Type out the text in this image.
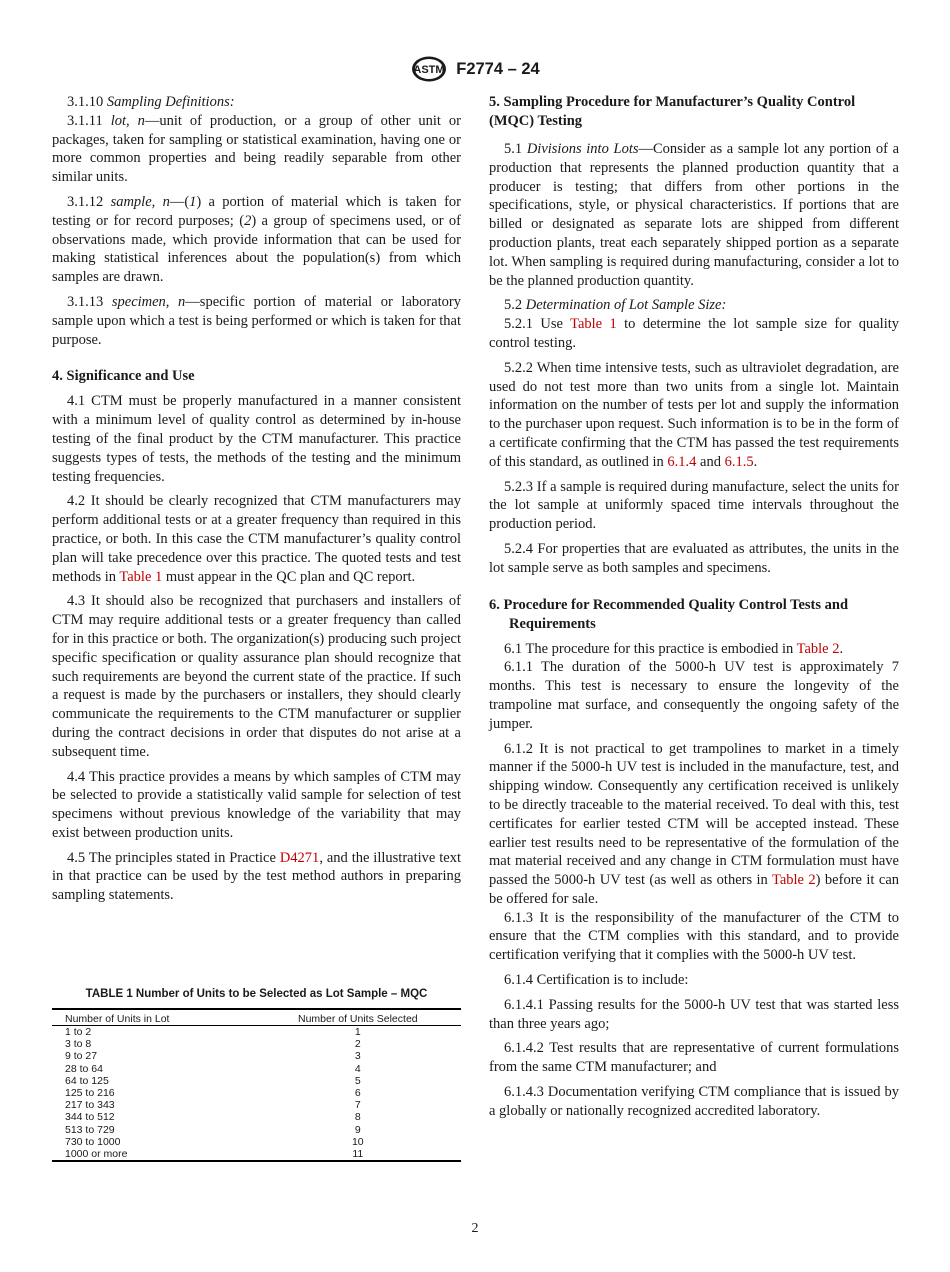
ASTM F2774 – 24

3.1.10 Sampling Definitions:

3.1.11 lot, n—unit of production, or a group of other unit or packages, taken for sampling or statistical examination, having one or more common properties and being readily separable from other similar units.

3.1.12 sample, n—(1) a portion of material which is taken for testing or for record purposes; (2) a group of specimens used, or of observations made, which provide information that can be used for making statistical inferences about the population(s) from which samples are drawn.

3.1.13 specimen, n—specific portion of material or laboratory sample upon which a test is being performed or which is taken for that purpose.

4. Significance and Use

4.1 CTM must be properly manufactured in a manner consistent with a minimum level of quality control as determined by in-house testing of the final product by the CTM manufacturer. This practice suggests types of tests, the methods of the testing and the minimum testing frequencies.

4.2 It should be clearly recognized that CTM manufacturers may perform additional tests or at a greater frequency than required in this practice, or both. In this case the CTM manufacturer’s quality control plan will take precedence over this practice. The quoted tests and test methods in Table 1 must appear in the QC plan and QC report.

4.3 It should also be recognized that purchasers and installers of CTM may require additional tests or a greater frequency than called for in this practice or both. The organization(s) producing such project specific specification or quality assurance plan should recognize that such requirements are beyond the current state of the practice. If such a request is made by the purchasers or installers, they should clearly communicate the requirements to the CTM manufacturer or supplier during the contract decisions in order that disputes do not arise at a subsequent time.

4.4 This practice provides a means by which samples of CTM may be selected to provide a statistically valid sample for selection of test specimens without previous knowledge of the variability that may exist between production units.

4.5 The principles stated in Practice D4271, and the illustrative text in that practice can be used by the test method authors in preparing sampling statements.

TABLE 1 Number of Units to be Selected as Lot Sample – MQC
Number of Units in Lot	Number of Units Selected
1 to 2	1
3 to 8	2
9 to 27	3
28 to 64	4
64 to 125	5
125 to 216	6
217 to 343	7
344 to 512	8
513 to 729	9
730 to 1000	10
1000 or more	11
5. Sampling Procedure for Manufacturer’s Quality Control (MQC) Testing

5.1 Divisions into Lots—Consider as a sample lot any portion of a production that represents the planned production quantity that a producer is testing; that differs from other portions in the specifications, style, or physical characteristics. If portions that are billed or designated as separate lots are shipped from different production plants, treat each separately shipped portion as a separate lot. When sampling is required during manufacturing, consider a lot to be the planned production quantity.

5.2 Determination of Lot Sample Size:

5.2.1 Use Table 1 to determine the lot sample size for quality control testing.

5.2.2 When time intensive tests, such as ultraviolet degradation, are used do not test more than two units from a single lot. Maintain information on the number of tests per lot and supply the information to the purchaser upon request. Such information is to be in the form of a certificate confirming that the CTM has passed the test requirements of this standard, as outlined in 6.1.4 and 6.1.5.

5.2.3 If a sample is required during manufacture, select the units for the lot sample at uniformly spaced time intervals throughout the production period.

5.2.4 For properties that are evaluated as attributes, the units in the lot sample serve as both samples and specimens.

6. Procedure for Recommended Quality Control Tests and Requirements

6.1 The procedure for this practice is embodied in Table 2.

6.1.1 The duration of the 5000-h UV test is approximately 7 months. This test is necessary to ensure the longevity of the trampoline mat surface, and consequently the ongoing safety of the jumper.

6.1.2 It is not practical to get trampolines to market in a timely manner if the 5000-h UV test is included in the manufacture, test, and shipping window. Consequently any certification received is unlikely to be directly traceable to the material received. To deal with this, test certificates for earlier tested CTM will be accepted instead. These earlier test results need to be representative of the formulation of the mat material received and any change in CTM formulation must have passed the 5000-h UV test (as well as others in Table 2) before it can be offered for sale.

6.1.3 It is the responsibility of the manufacturer of the CTM to ensure that the CTM complies with this standard, and to provide certification verifying that it complies with the 5000-h UV test.

6.1.4 Certification is to include:

6.1.4.1 Passing results for the 5000-h UV test that was started less than three years ago;

6.1.4.2 Test results that are representative of current formulations from the same CTM manufacturer; and

6.1.4.3 Documentation verifying CTM compliance that is issued by a globally or nationally recognized accredited laboratory.

2
